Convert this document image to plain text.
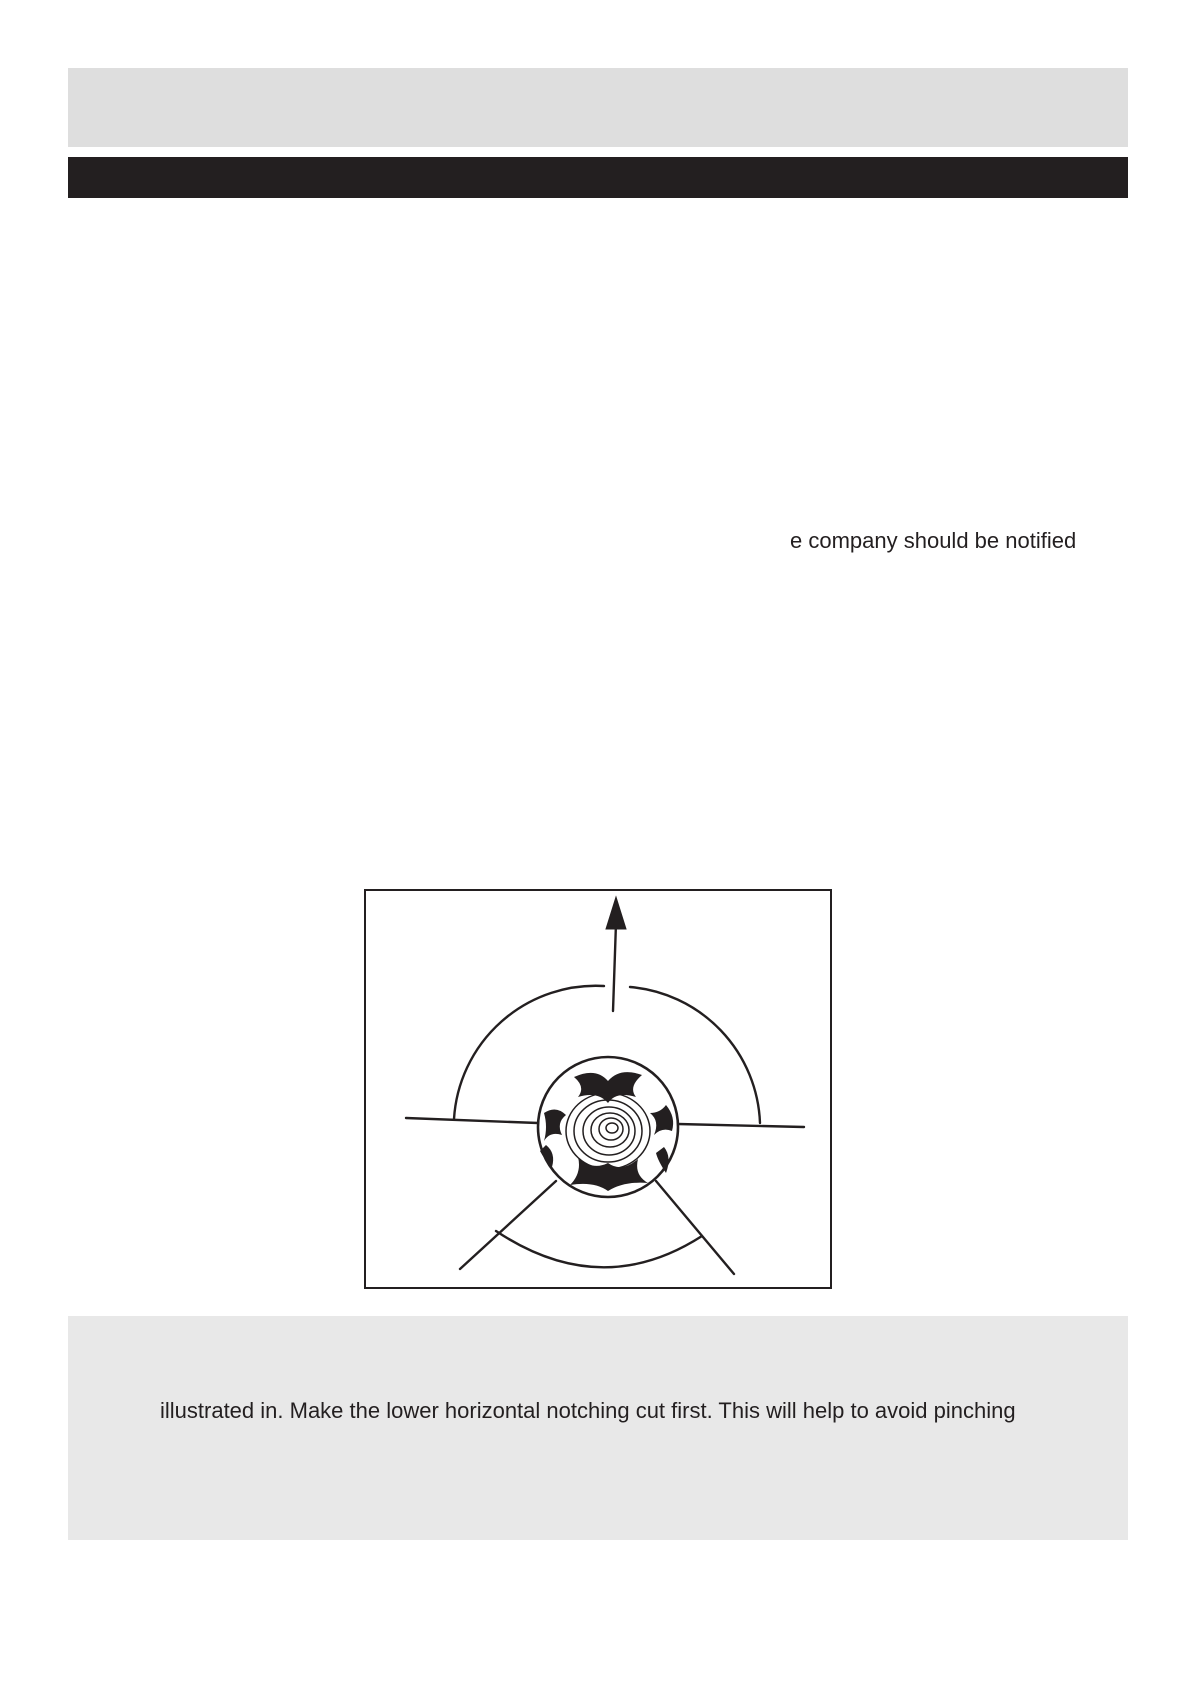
e company should be notified
illustrated in. Make the lower horizontal notching cut first. This will help to avoid pinching
